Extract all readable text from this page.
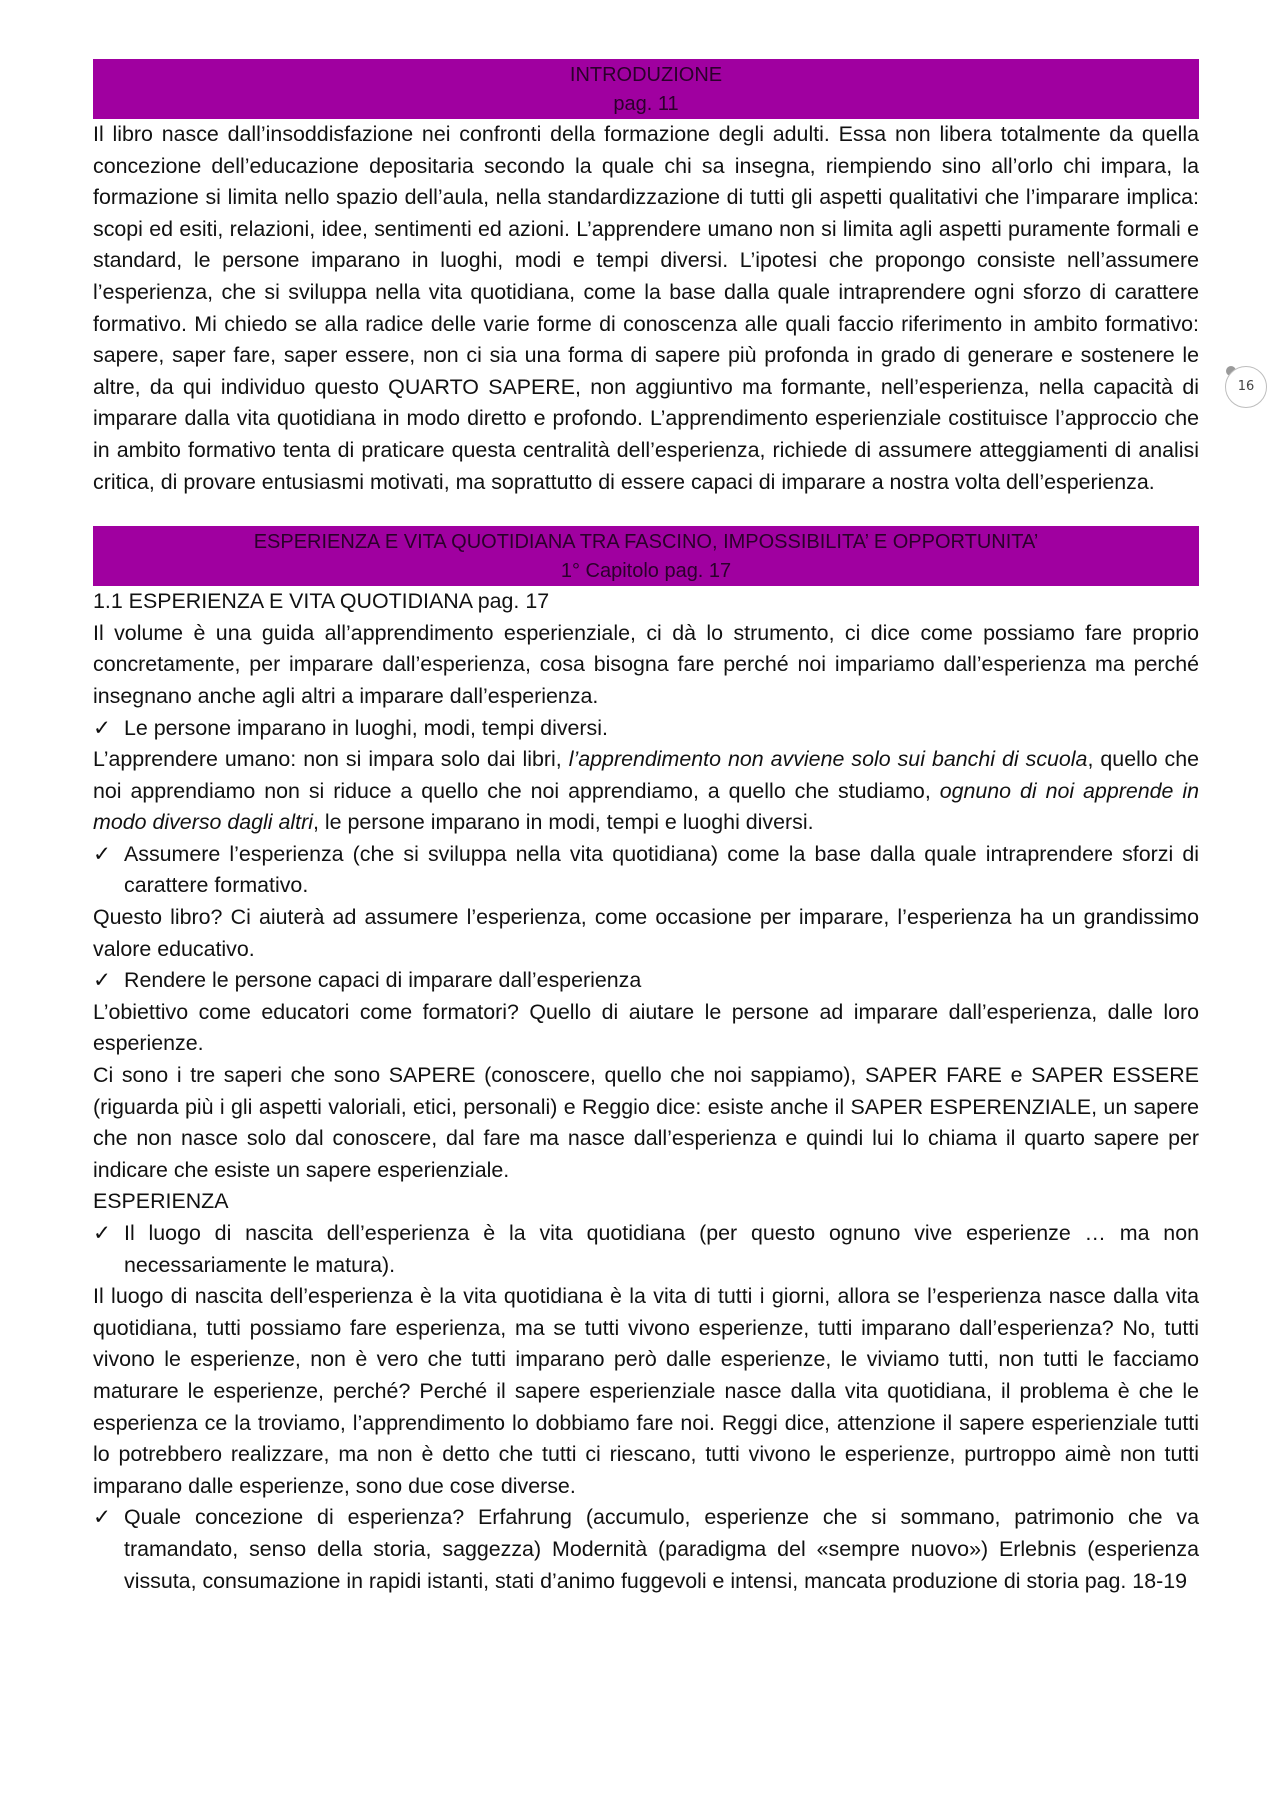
16
INTRODUZIONE
pag. 11

Il libro nasce dall’insoddisfazione nei confronti della formazione degli adulti. Essa non libera totalmente da quella concezione dell’educazione depositaria secondo la quale chi sa insegna, riempiendo sino all’orlo chi impara, la formazione si limita nello spazio dell’aula, nella standardizzazione di tutti gli aspetti qualitativi che l’imparare implica: scopi ed esiti, relazioni, idee, sentimenti ed azioni. L’apprendere umano non si limita agli aspetti puramente formali e standard, le persone imparano in luoghi, modi e tempi diversi. L’ipotesi che propongo consiste nell’assumere l’esperienza, che si sviluppa nella vita quotidiana, come la base dalla quale intraprendere ogni sforzo di carattere formativo. Mi chiedo se alla radice delle varie forme di conoscenza alle quali faccio riferimento in ambito formativo: sapere, saper fare, saper essere, non ci sia una forma di sapere più profonda in grado di generare e sostenere le altre, da qui individuo questo QUARTO SAPERE, non aggiuntivo ma formante, nell’esperienza, nella capacità di imparare dalla vita quotidiana in modo diretto e profondo. L’apprendimento esperienziale costituisce l’approccio che in ambito formativo tenta di praticare questa centralità dell’esperienza, richiede di assumere atteggiamenti di analisi critica, di provare entusiasmi motivati, ma soprattutto di essere capaci di imparare a nostra volta dell’esperienza.

ESPERIENZA E VITA QUOTIDIANA TRA FASCINO, IMPOSSIBILITA’ E OPPORTUNITA’
1° Capitolo pag. 17

1.1 ESPERIENZA E VITA QUOTIDIANA pag. 17

Il volume è una guida all’apprendimento esperienziale, ci dà lo strumento, ci dice come possiamo fare proprio concretamente, per imparare dall’esperienza, cosa bisogna fare perché noi impariamo dall’esperienza ma perché insegnano anche agli altri a imparare dall’esperienza.

✓ Le persone imparano in luoghi, modi, tempi diversi.

L’apprendere umano: non si impara solo dai libri, l’apprendimento non avviene solo sui banchi di scuola, quello che noi apprendiamo non si riduce a quello che noi apprendiamo, a quello che studiamo, ognuno di noi apprende in modo diverso dagli altri, le persone imparano in modi, tempi e luoghi diversi.

✓ Assumere l’esperienza (che si sviluppa nella vita quotidiana) come la base dalla quale intraprendere sforzi di carattere formativo.

Questo libro? Ci aiuterà ad assumere l’esperienza, come occasione per imparare, l’esperienza ha un grandissimo valore educativo.

✓ Rendere le persone capaci di imparare dall’esperienza

L’obiettivo come educatori come formatori? Quello di aiutare le persone ad imparare dall’esperienza, dalle loro esperienze.

Ci sono i tre saperi che sono SAPERE (conoscere, quello che noi sappiamo), SAPER FARE e SAPER ESSERE (riguarda più i gli aspetti valoriali, etici, personali) e Reggio dice: esiste anche il SAPER ESPERENZIALE, un sapere che non nasce solo dal conoscere, dal fare ma nasce dall’esperienza e quindi lui lo chiama il quarto sapere per indicare che esiste un sapere esperienziale.

ESPERIENZA

✓ Il luogo di nascita dell’esperienza è la vita quotidiana (per questo ognuno vive esperienze … ma non necessariamente le matura).

Il luogo di nascita dell’esperienza è la vita quotidiana è la vita di tutti i giorni, allora se l’esperienza nasce dalla vita quotidiana, tutti possiamo fare esperienza, ma se tutti vivono esperienze, tutti imparano dall’esperienza? No, tutti vivono le esperienze, non è vero che tutti imparano però dalle esperienze, le viviamo tutti, non tutti le facciamo maturare le esperienze, perché? Perché il sapere esperienziale nasce dalla vita quotidiana, il problema è che le esperienza ce la troviamo, l’apprendimento lo dobbiamo fare noi. Reggi dice, attenzione il sapere esperienziale tutti lo potrebbero realizzare, ma non è detto che tutti ci riescano, tutti vivono le esperienze, purtroppo aimè non tutti imparano dalle esperienze, sono due cose diverse.

✓ Quale concezione di esperienza? Erfahrung (accumulo, esperienze che si sommano, patrimonio che va tramandato, senso della storia, saggezza) Modernità (paradigma del «sempre nuovo») Erlebnis (esperienza vissuta, consumazione in rapidi istanti, stati d’animo fuggevoli e intensi, mancata produzione di storia pag. 18-19
